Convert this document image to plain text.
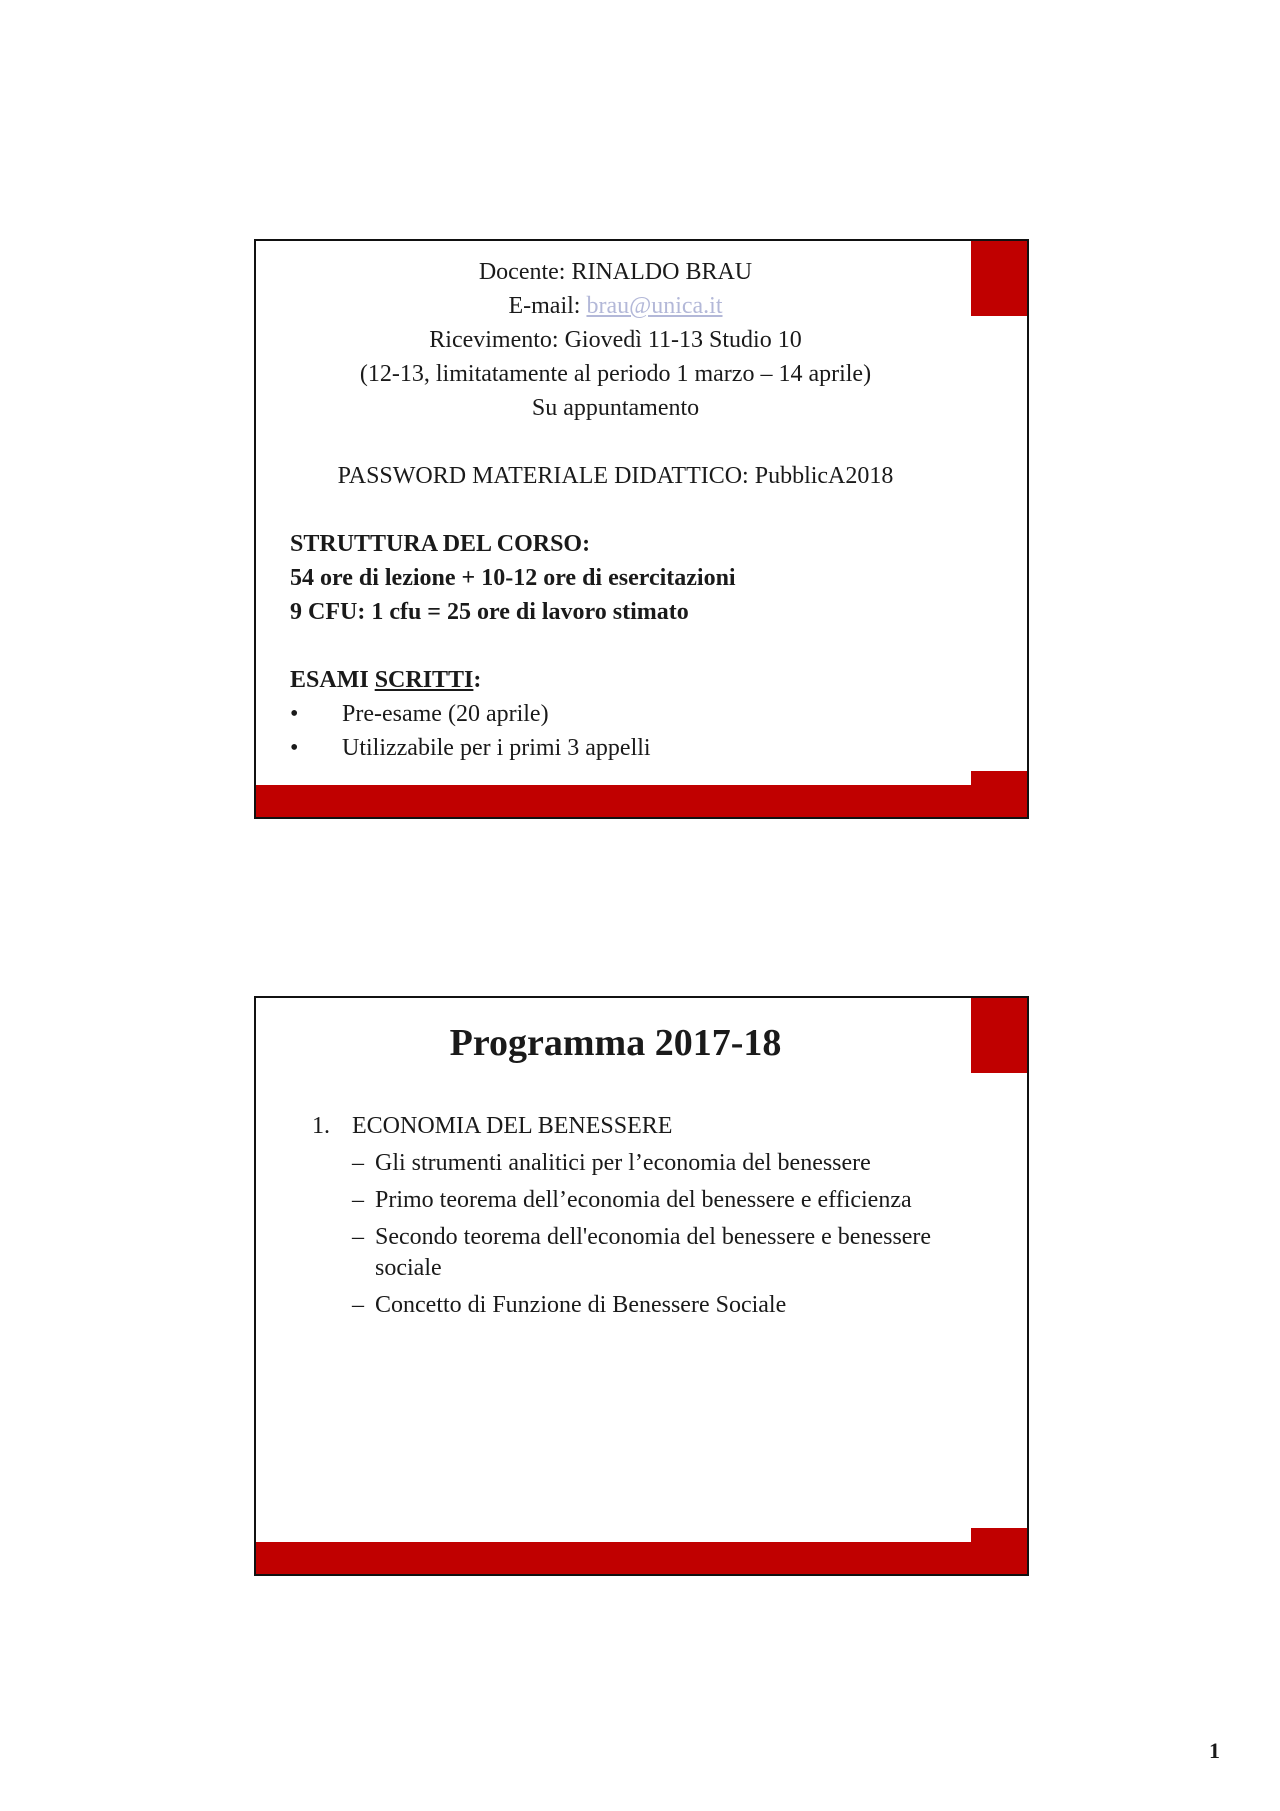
Docente: RINALDO BRAU
E-mail: brau@unica.it
Ricevimento: Giovedì 11-13 Studio 10
(12-13, limitatamente al periodo 1 marzo – 14 aprile)
Su appuntamento
PASSWORD MATERIALE DIDATTICO: PubblicA2018
STRUTTURA DEL CORSO:
54 ore di lezione + 10-12 ore di esercitazioni
9 CFU: 1 cfu = 25 ore di lavoro stimato
ESAMI SCRITTI:
• Pre-esame (20 aprile)
• Utilizzabile per i primi 3 appelli
Programma 2017-18
1. ECONOMIA DEL BENESSERE
– Gli strumenti analitici per l’economia del benessere
– Primo teorema dell’economia del benessere e efficienza
– Secondo teorema dell'economia del benessere e benessere
sociale
– Concetto di Funzione di Benessere Sociale
1
